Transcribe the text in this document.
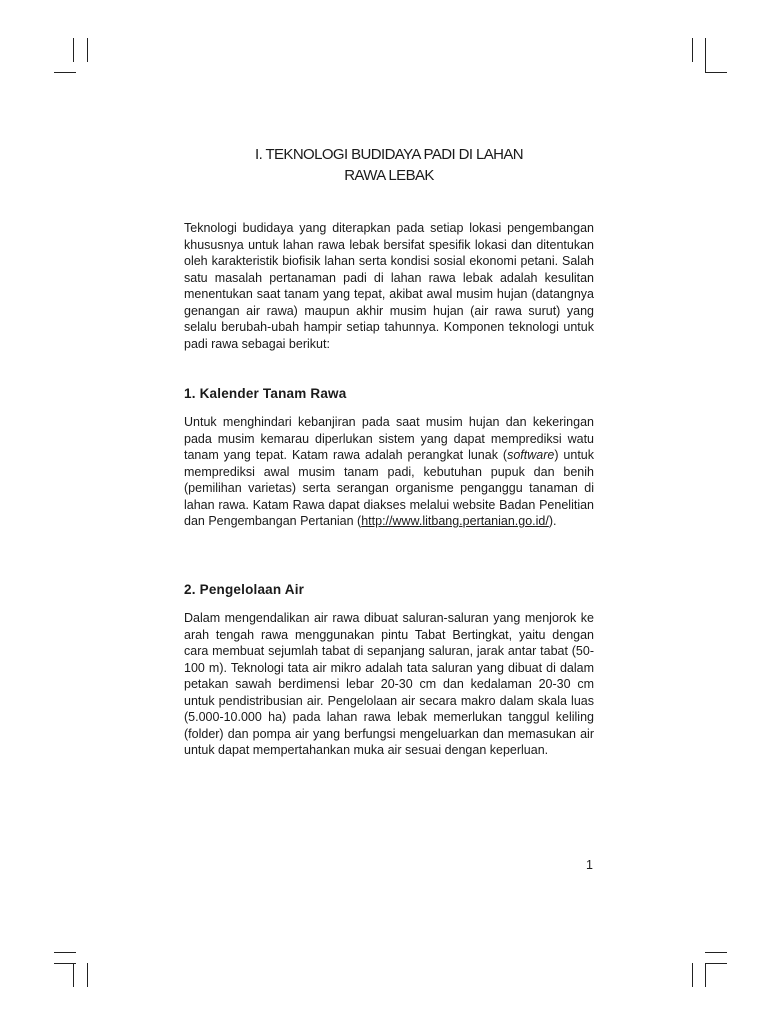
I. TEKNOLOGI BUDIDAYA PADI DI LAHAN
RAWA LEBAK

Teknologi budidaya yang diterapkan pada setiap lokasi pengembangan khususnya untuk lahan rawa lebak bersifat spesifik lokasi dan ditentukan oleh karakteristik biofisik lahan serta kondisi sosial ekonomi petani. Salah satu masalah pertanaman padi di lahan rawa lebak adalah kesulitan menentukan saat tanam yang tepat, akibat awal musim hujan (datangnya genangan air rawa) maupun akhir musim hujan (air rawa surut) yang selalu berubah-ubah hampir setiap tahunnya. Komponen teknologi untuk padi rawa sebagai berikut:

1. Kalender Tanam Rawa

Untuk menghindari kebanjiran pada saat musim hujan dan kekeringan pada musim kemarau diperlukan sistem yang dapat memprediksi watu tanam yang tepat. Katam rawa adalah perangkat lunak (software) untuk memprediksi awal musim tanam padi, kebutuhan pupuk dan benih (pemilihan varietas) serta serangan organisme penganggu tanaman di lahan rawa. Katam Rawa dapat diakses melalui website Badan Penelitian dan Pengembangan Pertanian (http://www.litbang.pertanian.go.id/).

2. Pengelolaan Air

Dalam mengendalikan air rawa dibuat saluran-saluran yang menjorok ke arah tengah rawa menggunakan pintu Tabat Bertingkat, yaitu dengan cara membuat sejumlah tabat di sepanjang saluran, jarak antar tabat (50-100 m). Teknologi tata air mikro adalah tata saluran yang dibuat di dalam petakan sawah berdimensi lebar 20-30 cm dan kedalaman 20-30 cm untuk pendistribusian air. Pengelolaan air secara makro dalam skala luas (5.000-10.000 ha) pada lahan rawa lebak memerlukan tanggul keliling (folder) dan pompa air yang berfungsi mengeluarkan dan memasukan air untuk dapat mempertahankan muka air sesuai dengan keperluan.

1
